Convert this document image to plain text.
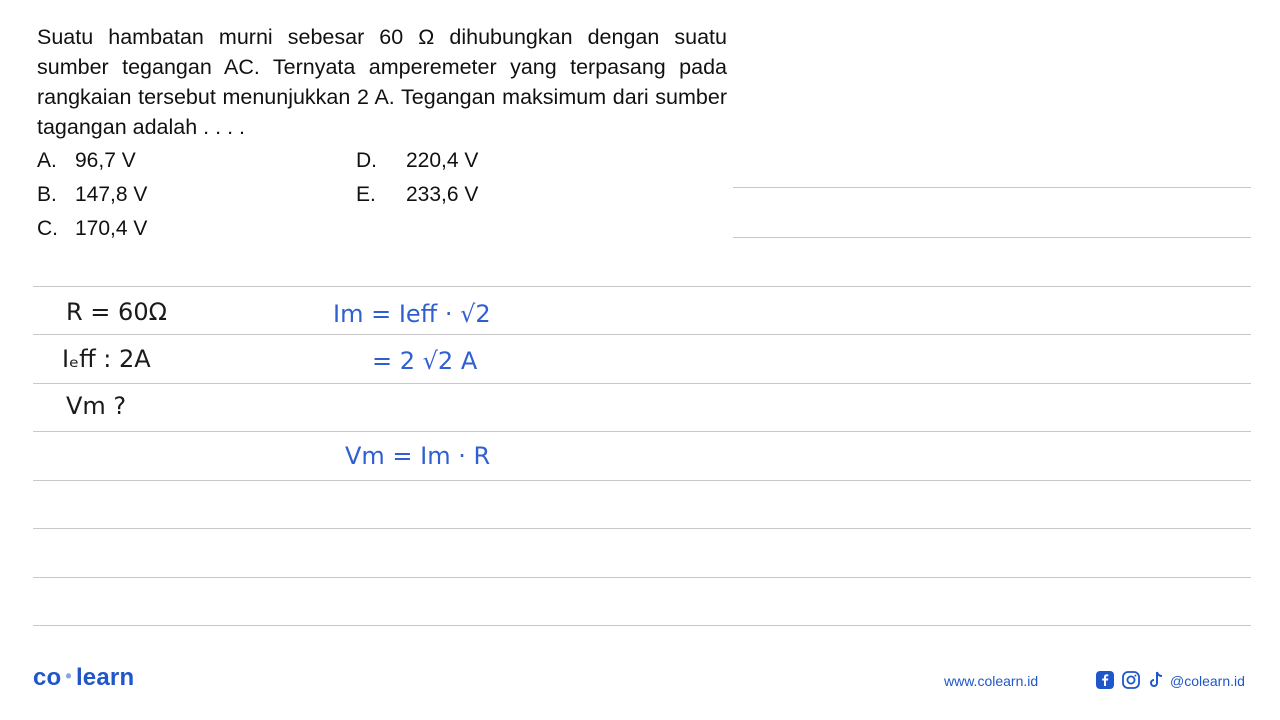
Suatu hambatan murni sebesar 60 Ω dihubungkan dengan suatu sumber tegangan AC. Ternyata amperemeter yang terpasang pada rangkaian tersebut menunjukkan 2 A. Tegangan maksimum dari sumber tagangan adalah . . . .
A. 96,7 V
B. 147,8 V
C. 170,4 V
D. 220,4 V
E. 233,6 V
R = 60Ω
Iₑff : 2A
Vm ?
Im = Ieff · √2
= 2 √2 A
Vm = Im · R
co • learn	www.colearn.id	@colearn.id
